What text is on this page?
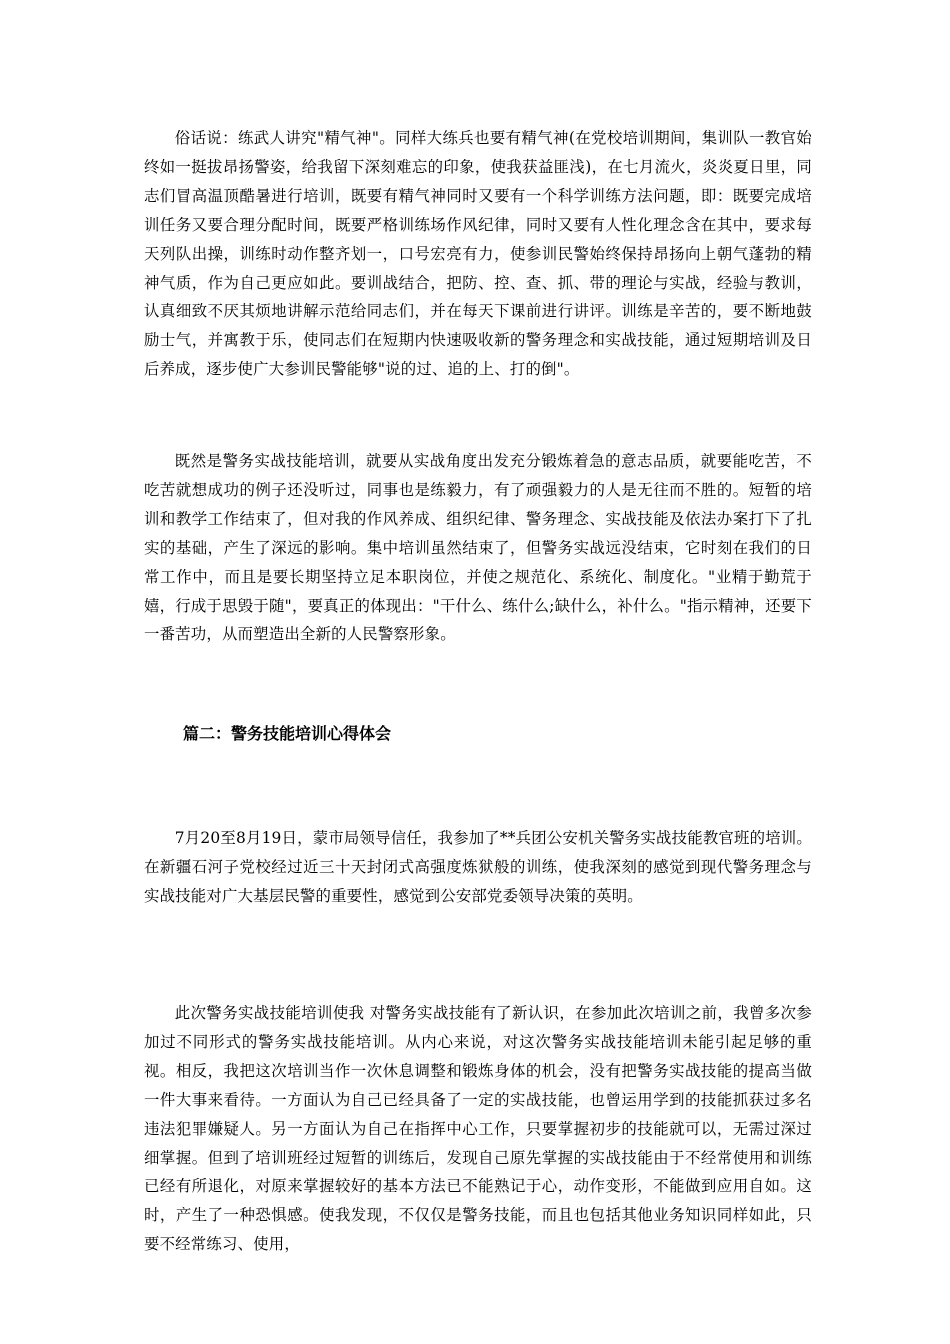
俗话说：练武人讲究"精气神"。同样大练兵也要有精气神(在党校培训期间，集训队一教官始终如一挺拔昂扬警姿，给我留下深刻难忘的印象，使我获益匪浅)，在七月流火，炎炎夏日里，同志们冒高温顶酷暑进行培训，既要有精气神同时又要有一个科学训练方法问题，即：既要完成培训任务又要合理分配时间，既要严格训练场作风纪律，同时又要有人性化理念含在其中，要求每天列队出操，训练时动作整齐划一，口号宏亮有力，使参训民警始终保持昂扬向上朝气蓬勃的精神气质，作为自己更应如此。要训战结合，把防、控、查、抓、带的理论与实战，经验与教训，认真细致不厌其烦地讲解示范给同志们，并在每天下课前进行讲评。训练是辛苦的，要不断地鼓励士气，并寓教于乐，使同志们在短期内快速吸收新的警务理念和实战技能，通过短期培训及日后养成，逐步使广大参训民警能够"说的过、追的上、打的倒"。

既然是警务实战技能培训，就要从实战角度出发充分锻炼着急的意志品质，就要能吃苦，不吃苦就想成功的例子还没听过，同事也是练毅力，有了顽强毅力的人是无往而不胜的。短暂的培训和教学工作结束了，但对我的作风养成、组织纪律、警务理念、实战技能及依法办案打下了扎实的基础，产生了深远的影响。集中培训虽然结束了，但警务实战远没结束，它时刻在我们的日常工作中，而且是要长期坚持立足本职岗位，并使之规范化、系统化、制度化。"业精于勤荒于嬉，行成于思毁于随"，要真正的体现出："干什么、练什么;缺什么，补什么。"指示精神，还要下一番苦功，从而塑造出全新的人民警察形象。

篇二：警务技能培训心得体会

7月20至8月19日，蒙市局领导信任，我参加了**兵团公安机关警务实战技能教官班的培训。在新疆石河子党校经过近三十天封闭式高强度炼狱般的训练，使我深刻的感觉到现代警务理念与实战技能对广大基层民警的重要性，感觉到公安部党委领导决策的英明。

此次警务实战技能培训使我 对警务实战技能有了新认识，在参加此次培训之前，我曾多次参加过不同形式的警务实战技能培训。从内心来说，对这次警务实战技能培训未能引起足够的重视。相反，我把这次培训当作一次休息调整和锻炼身体的机会，没有把警务实战技能的提高当做一件大事来看待。一方面认为自己已经具备了一定的实战技能，也曾运用学到的技能抓获过多名违法犯罪嫌疑人。另一方面认为自己在指挥中心工作，只要掌握初步的技能就可以，无需过深过细掌握。但到了培训班经过短暂的训练后，发现自己原先掌握的实战技能由于不经常使用和训练已经有所退化，对原来掌握较好的基本方法已不能熟记于心，动作变形，不能做到应用自如。这时，产生了一种恐惧感。使我发现，不仅仅是警务技能，而且也包括其他业务知识同样如此，只要不经常练习、使用，
